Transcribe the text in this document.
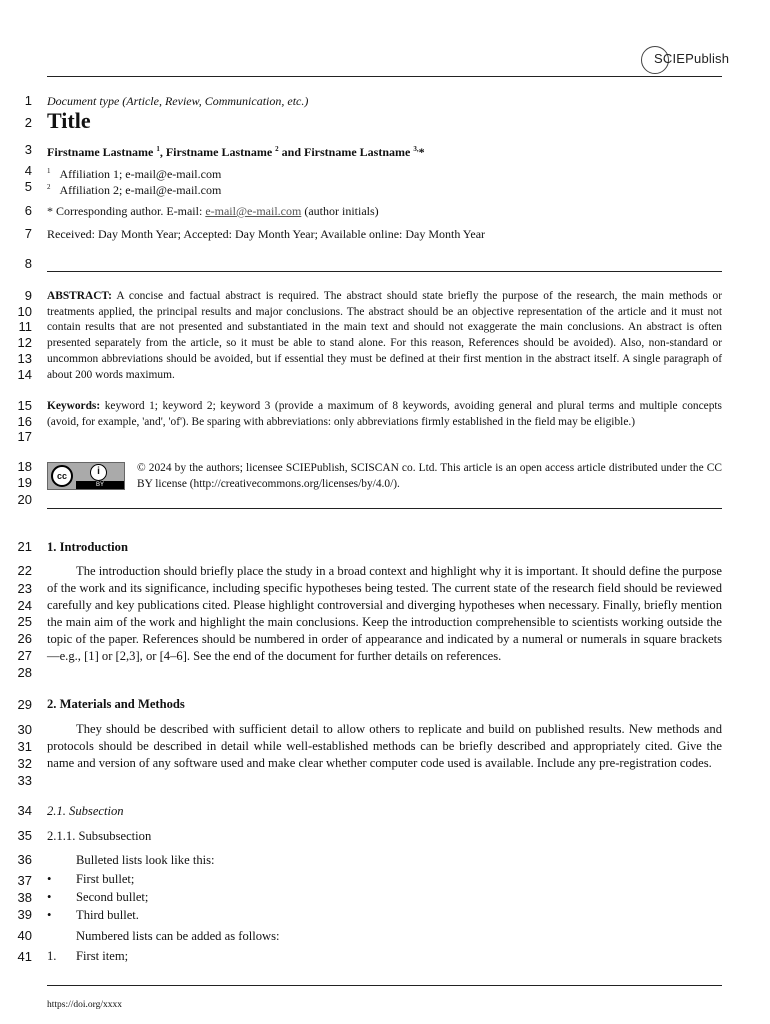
SCIEPublish
1
2
3
4
5
6
7
8
9
10
11
12
13
14
15
16
17
18
19
20
21
22
23
24
25
26
27
28
29
30
31
32
33
34
35
36
37
38
39
40
41
Document type (Article, Review, Communication, etc.)
Title
Firstname Lastname $^1$, Firstname Lastname $^2$ and Firstname Lastname $^{3,}$*
$^1$ Affiliation 1; e-mail@e-mail.com
$^2$ Affiliation 2; e-mail@e-mail.com
* Corresponding author. E-mail: e-mail@e-mail.com (author initials)
Received: Day Month Year; Accepted: Day Month Year; Available online: Day Month Year
ABSTRACT: A concise and factual abstract is required. The abstract should state briefly the purpose of the research, the main methods or treatments applied, the principal results and major conclusions. The abstract should be an objective representation of the article and it must not contain results that are not presented and substantiated in the main text and should not exaggerate the main conclusions. An abstract is often presented separately from the article, so it must be able to stand alone. For this reason, References should be avoided). Also, non-standard or uncommon abbreviations should be avoided, but if essential they must be defined at their first mention in the abstract itself. A single paragraph of about 200 words maximum.
Keywords: keyword 1; keyword 2; keyword 3 (provide a maximum of 8 keywords, avoiding general and plural terms and multiple concepts (avoid, for example, 'and', 'of'). Be sparing with abbreviations: only abbreviations firmly established in the field may be eligible.)
cc	i
BY
© 2024 by the authors; licensee SCIEPublish, SCISCAN co. Ltd. This article is an open access article distributed under the CC BY license (http://creativecommons.org/licenses/by/4.0/).
1. Introduction
The introduction should briefly place the study in a broad context and highlight why it is important. It should define the purpose of the work and its significance, including specific hypotheses being tested. The current state of the research field should be reviewed carefully and key publications cited. Please highlight controversial and diverging hypotheses when necessary. Finally, briefly mention the main aim of the work and highlight the main conclusions. Keep the introduction comprehensible to scientists working outside the topic of the paper. References should be numbered in order of appearance and indicated by a numeral or numerals in square brackets—e.g., [1] or [2,3], or [4–6]. See the end of the document for further details on references.
2. Materials and Methods
They should be described with sufficient detail to allow others to replicate and build on published results. New methods and protocols should be described in detail while well-established methods can be briefly described and appropriately cited. Give the name and version of any software used and make clear whether computer code used is available. Include any pre-registration codes.
2.1. Subsection
2.1.1. Subsubsection
Bulleted lists look like this:
• First bullet;
• Second bullet;
• Third bullet.
Numbered lists can be added as follows:
1. First item;
https://doi.org/xxxx
